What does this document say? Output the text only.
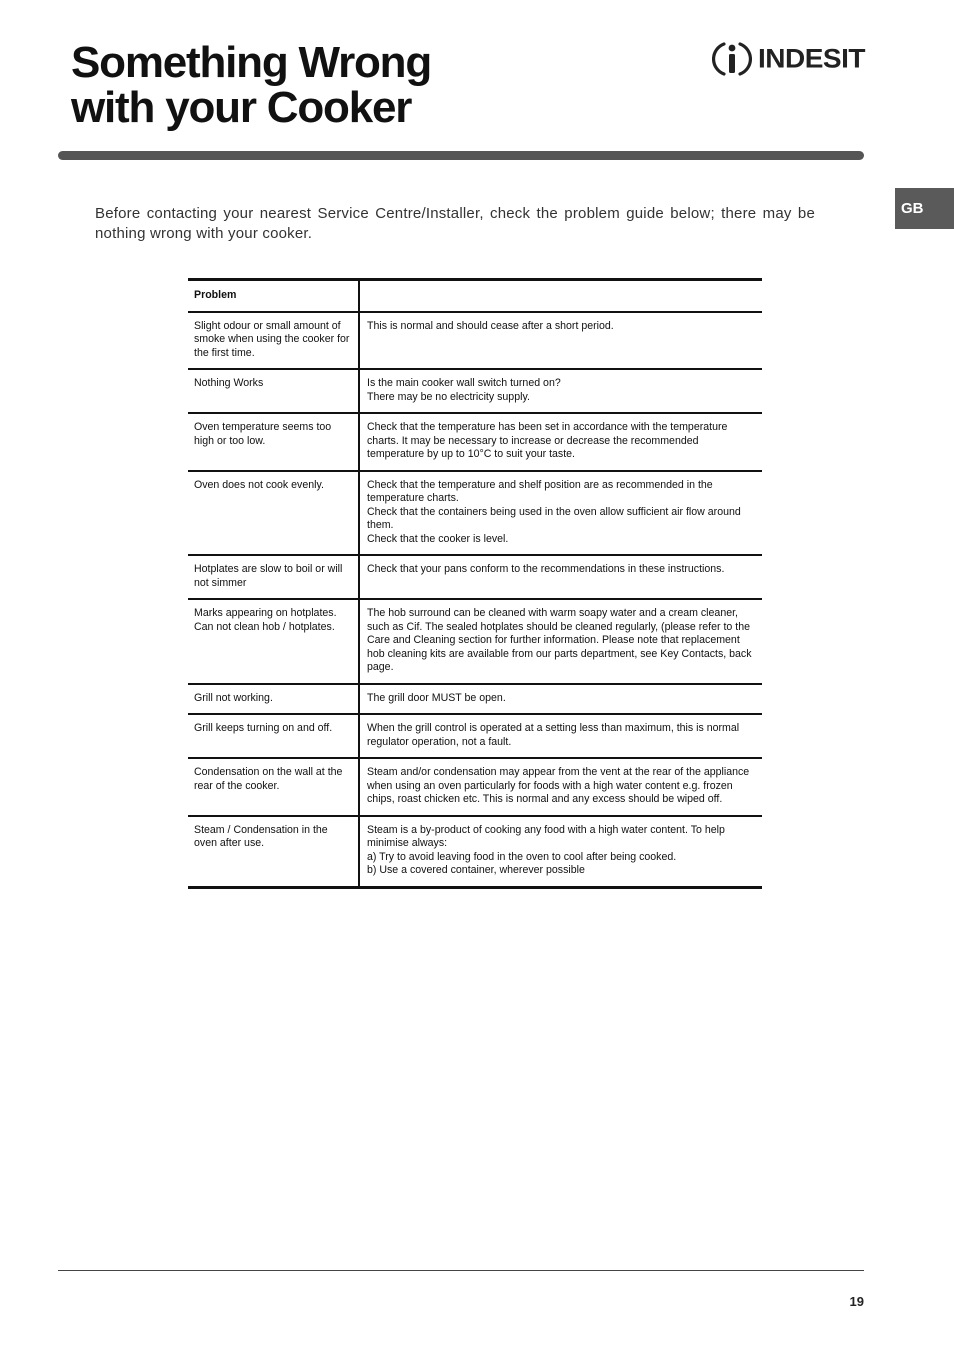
Something Wrong
with your Cooker
INDESIT
GB

Before contacting your nearest Service Centre/Installer, check the problem guide below; there may be nothing wrong with your cooker.

Problem	
Slight odour or small amount of smoke when using the cooker for the first time.	This is normal and should cease after a short period.

Nothing Works	Is the main cooker wall switch turned on?
There may be no electricity supply.

Oven temperature seems too high or too low.	Check that the temperature has been set in accordance with the temperature charts. It may be necessary to increase or decrease the recommended temperature by up to 10°C to suit your taste.

Oven does not cook evenly.	Check that the temperature and shelf position are as recommended in the temperature charts.
Check that the containers being used in the oven allow sufficient air flow around them.
Check that the cooker is level.

Hotplates are slow to boil or will not simmer	Check that your pans conform to the recommendations in these instructions.

Marks appearing on hotplates. Can not clean hob / hotplates.	The hob surround can be cleaned with warm soapy water and a cream cleaner, such as Cif. The sealed hotplates should be cleaned regularly, (please refer to the Care and Cleaning section for further information. Please note that replacement hob cleaning kits are available from our parts department, see Key Contacts, back page.

Grill not working.	The grill door MUST be open.

Grill keeps turning on and off.	When the grill control is operated at a setting less than maximum, this is normal regulator operation, not a fault.

Condensation on the wall at the rear of the cooker.	Steam and/or condensation may appear from the vent at the rear of the appliance when using an oven particularly for foods with a high water content e.g. frozen chips, roast chicken etc. This is normal and any excess should be wiped off.

Steam / Condensation in the oven after use.	Steam is a by-product of cooking any food with a high water content. To help minimise always:
a) Try to avoid leaving food in the oven to cool after being cooked.
b) Use a covered container, wherever possible
19
